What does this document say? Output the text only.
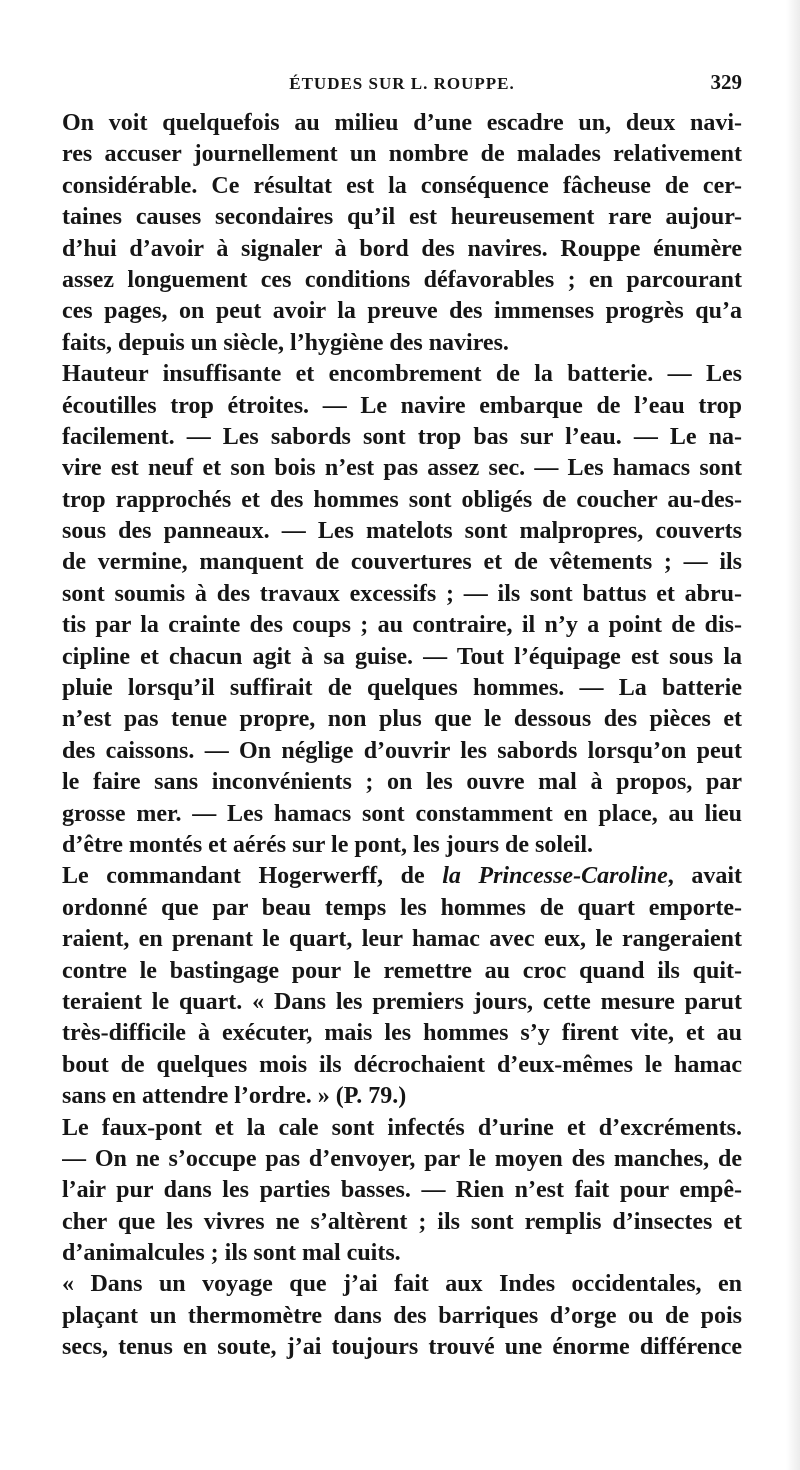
ÉTUDES SUR L. ROUPPE.	329
On voit quelquefois au milieu d’une escadre un, deux navi-
res accuser journellement un nombre de malades relativement
considérable. Ce résultat est la conséquence fâcheuse de cer-
taines causes secondaires qu’il est heureusement rare aujour-
d’hui d’avoir à signaler à bord des navires. Rouppe énumère
assez longuement ces conditions défavorables ; en parcourant
ces pages, on peut avoir la preuve des immenses progrès qu’a
faits, depuis un siècle, l’hygiène des navires.
Hauteur insuffisante et encombrement de la batterie. — Les
écoutilles trop étroites. — Le navire embarque de l’eau trop
facilement. — Les sabords sont trop bas sur l’eau. — Le na-
vire est neuf et son bois n’est pas assez sec. — Les hamacs sont
trop rapprochés et des hommes sont obligés de coucher au-des-
sous des panneaux. — Les matelots sont malpropres, couverts
de vermine, manquent de couvertures et de vêtements ; — ils
sont soumis à des travaux excessifs ; — ils sont battus et abru-
tis par la crainte des coups ; au contraire, il n’y a point de dis-
cipline et chacun agit à sa guise. — Tout l’équipage est sous la
pluie lorsqu’il suffirait de quelques hommes. — La batterie
n’est pas tenue propre, non plus que le dessous des pièces et
des caissons. — On néglige d’ouvrir les sabords lorsqu’on peut
le faire sans inconvénients ; on les ouvre mal à propos, par
grosse mer. — Les hamacs sont constamment en place, au lieu
d’être montés et aérés sur le pont, les jours de soleil.
Le commandant Hogerwerff, de la Princesse-Caroline, avait
ordonné que par beau temps les hommes de quart emporte-
raient, en prenant le quart, leur hamac avec eux, le rangeraient
contre le bastingage pour le remettre au croc quand ils quit-
teraient le quart. « Dans les premiers jours, cette mesure parut
très-difficile à exécuter, mais les hommes s’y firent vite, et au
bout de quelques mois ils décrochaient d’eux-mêmes le hamac
sans en attendre l’ordre. » (P. 79.)
Le faux-pont et la cale sont infectés d’urine et d’excréments.
— On ne s’occupe pas d’envoyer, par le moyen des manches, de
l’air pur dans les parties basses. — Rien n’est fait pour empê-
cher que les vivres ne s’altèrent ; ils sont remplis d’insectes et
d’animalcules ; ils sont mal cuits.
« Dans un voyage que j’ai fait aux Indes occidentales, en
plaçant un thermomètre dans des barriques d’orge ou de pois
secs, tenus en soute, j’ai toujours trouvé une énorme différence
